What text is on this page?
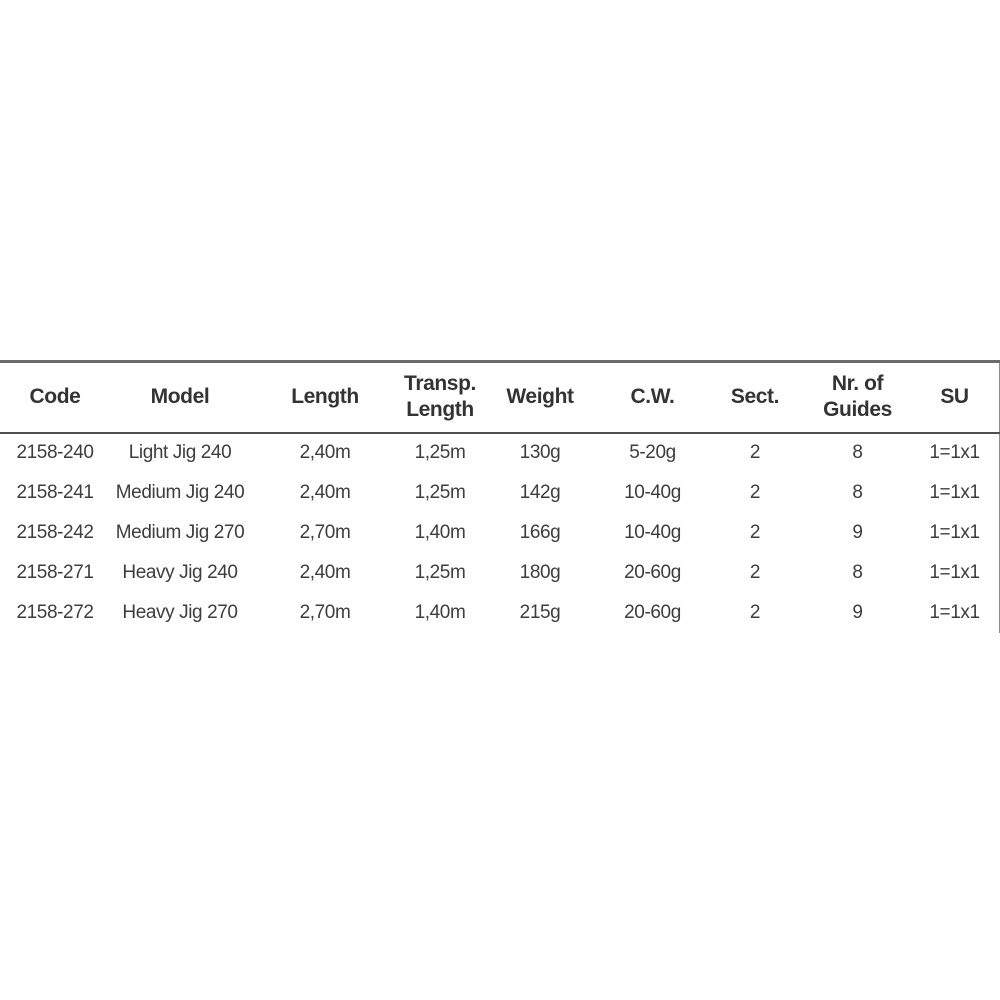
Code	Model	Length	Transp. Length	Weight	C.W.	Sect.	Nr. of Guides	SU
2158-240	Light Jig 240	2,40m	1,25m	130g	5-20g	2	8	1=1x1
2158-241	Medium Jig 240	2,40m	1,25m	142g	10-40g	2	8	1=1x1
2158-242	Medium Jig 270	2,70m	1,40m	166g	10-40g	2	9	1=1x1
2158-271	Heavy Jig 240	2,40m	1,25m	180g	20-60g	2	8	1=1x1
2158-272	Heavy Jig 270	2,70m	1,40m	215g	20-60g	2	9	1=1x1
